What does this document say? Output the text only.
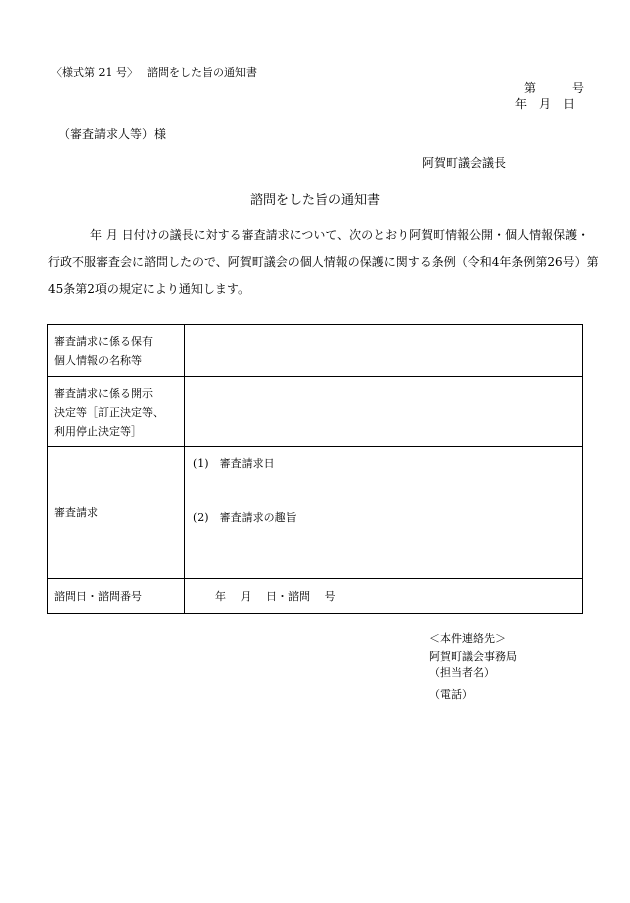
〈様式第 21 号〉 諮問をした旨の通知書
第　　　号
年　月　日
（審査請求人等）様
阿賀町議会議長
諮問をした旨の通知書
年 月 日付けの議長に対する審査請求について、次のとおり阿賀町情報公開・個人情報保護・
行政不服審査会に諮問したので、阿賀町議会の個人情報の保護に関する条例（令和4年条例第26号）第
45条第2項の規定により通知します。
審査請求に係る保有
個人情報の名称等	

審査請求に係る開示
決定等［訂正決定等、
利用停止決定等］	

審査請求	(1)　審査請求日
(2)　審査請求の趣旨

諮問日・諮問番号	年　 月　 日・諮問　 号
＜本件連絡先＞
阿賀町議会事務局
（担当者名）
（電話）
